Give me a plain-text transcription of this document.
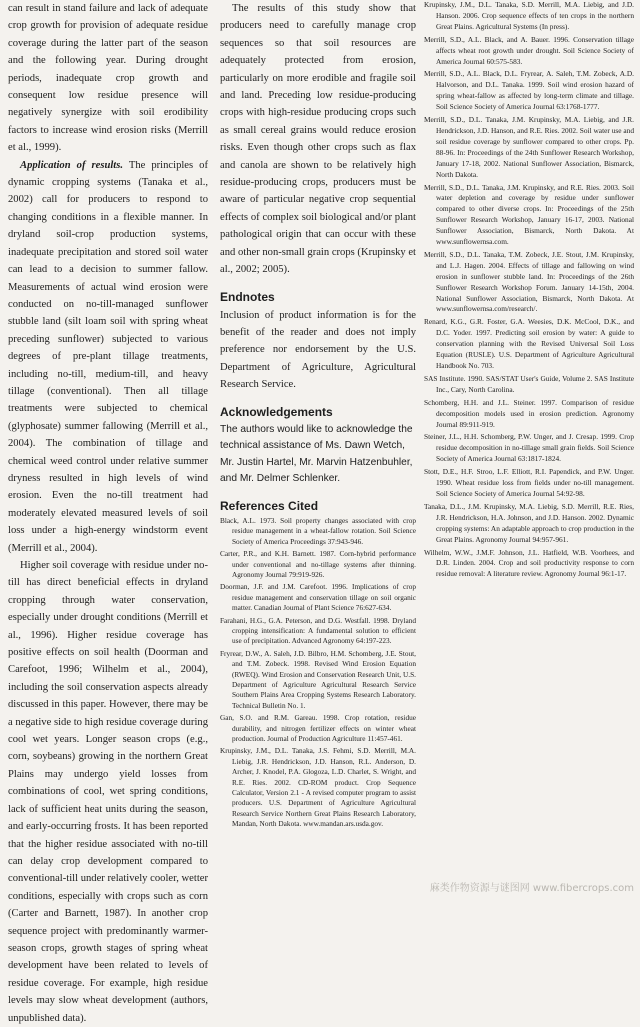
can result in stand failure and lack of adequate crop growth for provision of adequate residue coverage during the latter part of the season and the following year. During drought periods, inadequate crop growth and consequent low residue presence will negatively synergize with soil erodibility factors to increase wind erosion risks (Merrill et al., 1999).

Application of results. The principles of dynamic cropping systems (Tanaka et al., 2002) call for producers to respond to changing conditions in a flexible manner. In dryland soil-crop production systems, inadequate precipitation and stored soil water can lead to a decision to summer fallow. Measurements of actual wind erosion were conducted on no-till-managed sunflower stubble land (silt loam soil with spring wheat preceding sunflower) subjected to various degrees of pre-plant tillage treatments, including no-till, medium-till, and heavy tillage (conventional). Then all tillage treatments were subjected to chemical (glyphosate) summer fallowing (Merrill et al., 2004). The combination of tillage and chemical weed control under relative summer dryness resulted in high levels of wind erosion. Even the no-till treatment had moderately elevated measured levels of soil loss under a high-energy windstorm event (Merrill et al., 2004).

Higher soil coverage with residue under no-till has direct beneficial effects in dryland cropping through water conservation, especially under drought conditions (Merrill et al., 1996). Higher residue coverage has positive effects on soil health (Doorman and Carefoot, 1996; Wilhelm et al., 2004), including the soil conservation aspects already discussed in this paper. However, there may be a negative side to high residue coverage during cool wet years. Longer season crops (e.g., corn, soybeans) growing in the northern Great Plains may undergo yield losses from combinations of cool, wet spring conditions, lack of sufficient heat units during the season, and early-occurring frosts. It has been reported that the higher residue associated with no-till can delay crop development compared to conventional-till under relatively cooler, wetter conditions, especially with crops such as corn (Carter and Barnett, 1987). In another crop sequence project with predominantly warmer-season crops, growth stages of spring wheat development have been related to levels of residue coverage. For example, high residue levels may slow wheat development (authors, unpublished data).

The results of this study show that producers need to carefully manage crop sequences so that soil resources are adequately protected from erosion, particularly on more erodible and fragile soil and land. Preceding low residue-producing crops with high-residue producing crops such as small cereal grains would reduce erosion risks. Even though other crops such as flax and canola are shown to be relatively high residue-producing crops, producers must be aware of particular negative crop sequential effects of complex soil biological and/or plant pathological origin that can occur with these and other non-small grain crops (Krupinsky et al., 2002; 2005).

Endnotes

Inclusion of product information is for the benefit of the reader and does not imply preference nor endorsement by the U.S. Department of Agriculture, Agricultural Research Service.

Acknowledgements

The authors would like to acknowledge the technical assistance of Ms. Dawn Wetch, Mr. Justin Hartel, Mr. Marvin Hatzenbuhler, and Mr. Delmer Schlenker.

References Cited
Black, A.L. 1973. Soil property changes associated with crop residue management in a wheat-fallow rotation. Soil Science Society of America Proceedings 37:943-946.
Carter, P.R., and K.H. Barnett. 1987. Corn-hybrid performance under conventional and no-tillage systems after thinning. Agronomy Journal 79:919-926.
Doorman, J.F. and J.M. Carefoot. 1996. Implications of crop residue management and conservation tillage on soil organic matter. Canadian Journal of Plant Science 76:627-634.
Farahani, H.G., G.A. Peterson, and D.G. Westfall. 1998. Dryland cropping intensification: A fundamental solution to efficient use of precipitation. Advanced Agronomy 64:197-223.
Fryrear, D.W., A. Saleh, J.D. Bilbro, H.M. Schomberg, J.E. Stout, and T.M. Zobeck. 1998. Revised Wind Erosion Equation (RWEQ). Wind Erosion and Conservation Research Unit, U.S. Department of Agriculture Agricultural Research Service Southern Plains Area Cropping Systems Research Laboratory. Technical Bulletin No. 1.
Gan, S.O. and R.M. Gareau. 1998. Crop rotation, residue durability, and nitrogen fertilizer effects on winter wheat production. Journal of Production Agriculture 11:457-461.
Krupinsky, J.M., D.L. Tanaka, J.S. Fehmi, S.D. Merrill, M.A. Liebig, J.R. Hendrickson, J.D. Hanson, R.L. Anderson, D. Archer, J. Knodel, P.A. Glogoza, L.D. Charlet, S. Wright, and R.E. Ries. 2002. CD-ROM product. Crop Sequence Calculator, Version 2.1 - A revised computer program to assist producers. U.S. Department of Agriculture Agricultural Research Service Northern Great Plains Research Laboratory, Mandan, North Dakota. www.mandan.ars.usda.gov.
Krupinsky, J.M., D.L. Tanaka, S.D. Merrill, M.A. Liebig, and J.D. Hanson. 2006. Crop sequence effects of ten crops in the northern Great Plains. Agricultural Systems (In press).
Merrill, S.D., A.L. Black, and A. Bauer. 1996. Conservation tillage affects wheat root growth under drought. Soil Science Society of America Journal 60:575-583.
Merrill, S.D., A.L. Black, D.L. Fryrear, A. Saleh, T.M. Zobeck, A.D. Halvorson, and D.L. Tanaka. 1999. Soil wind erosion hazard of spring wheat-fallow as affected by long-term climate and tillage. Soil Science Society of America Journal 63:1768-1777.
Merrill, S.D., D.L. Tanaka, J.M. Krupinsky, M.A. Liebig, and J.R. Hendrickson, J.D. Hanson, and R.E. Ries. 2002. Soil water use and soil residue coverage by sunflower compared to other crops. Pp. 88-96. In: Proceedings of the 24th Sunflower Research Workshop, January 17-18, 2002. National Sunflower Association, Bismarck, North Dakota.
Merrill, S.D., D.L. Tanaka, J.M. Krupinsky, and R.E. Ries. 2003. Soil water depletion and coverage by residue under sunflower compared to other diverse crops. In: Proceedings of the 25th Sunflower Research Workshop, January 16-17, 2003. National Sunflower Association, Bismarck, North Dakota. At www.sunflowernsa.com.
Merrill, S.D., D.L. Tanaka, T.M. Zobeck, J.E. Stout, J.M. Krupinsky, and L.J. Hagen. 2004. Effects of tillage and fallowing on wind erosion in sunflower stubble land. In: Proceedings of the 26th Sunflower Research Workshop Forum. January 14-15th, 2004. National Sunflower Association, Bismarck, North Dakota. At www.sunflowernsa.com/research/.
Renard, K.G., G.R. Foster, G.A. Weesies, D.K. McCool, D.K., and D.C. Yoder. 1997. Predicting soil erosion by water: A guide to conservation planning with the Revised Universal Soil Loss Equation (RUSLE). U.S. Department of Agriculture Agricultural Handbook No. 703.
SAS Institute. 1990. SAS/STAT User's Guide, Volume 2. SAS Institute Inc., Cary, North Carolina.
Schomberg, H.H. and J.L. Steiner. 1997. Comparison of residue decomposition models used in erosion prediction. Agronomy Journal 89:911-919.
Steiner, J.L., H.H. Schomberg, P.W. Unger, and J. Cresap. 1999. Crop residue decomposition in no-tillage small grain fields. Soil Science Society of America Journal 63:1817-1824.
Stott, D.E., H.F. Stroo, L.F. Elliott, R.I. Papendick, and P.W. Unger. 1990. Wheat residue loss from fields under no-till management. Soil Science Society of America Journal 54:92-98.
Tanaka, D.L., J.M. Krupinsky, M.A. Liebig, S.D. Merrill, R.E. Ries, J.R. Hendrickson, H.A. Johnson, and J.D. Hanson. 2002. Dynamic cropping systems: An adaptable approach to crop production in the Great Plains. Agronomy Journal 94:957-961.
Wilhelm, W.W., J.M.F. Johnson, J.L. Hatfield, W.B. Voorhees, and D.R. Linden. 2004. Crop and soil productivity response to corn residue removal: A literature review. Agronomy Journal 96:1-17.
麻类作物资源与谜图网 www.fibercrops.com
